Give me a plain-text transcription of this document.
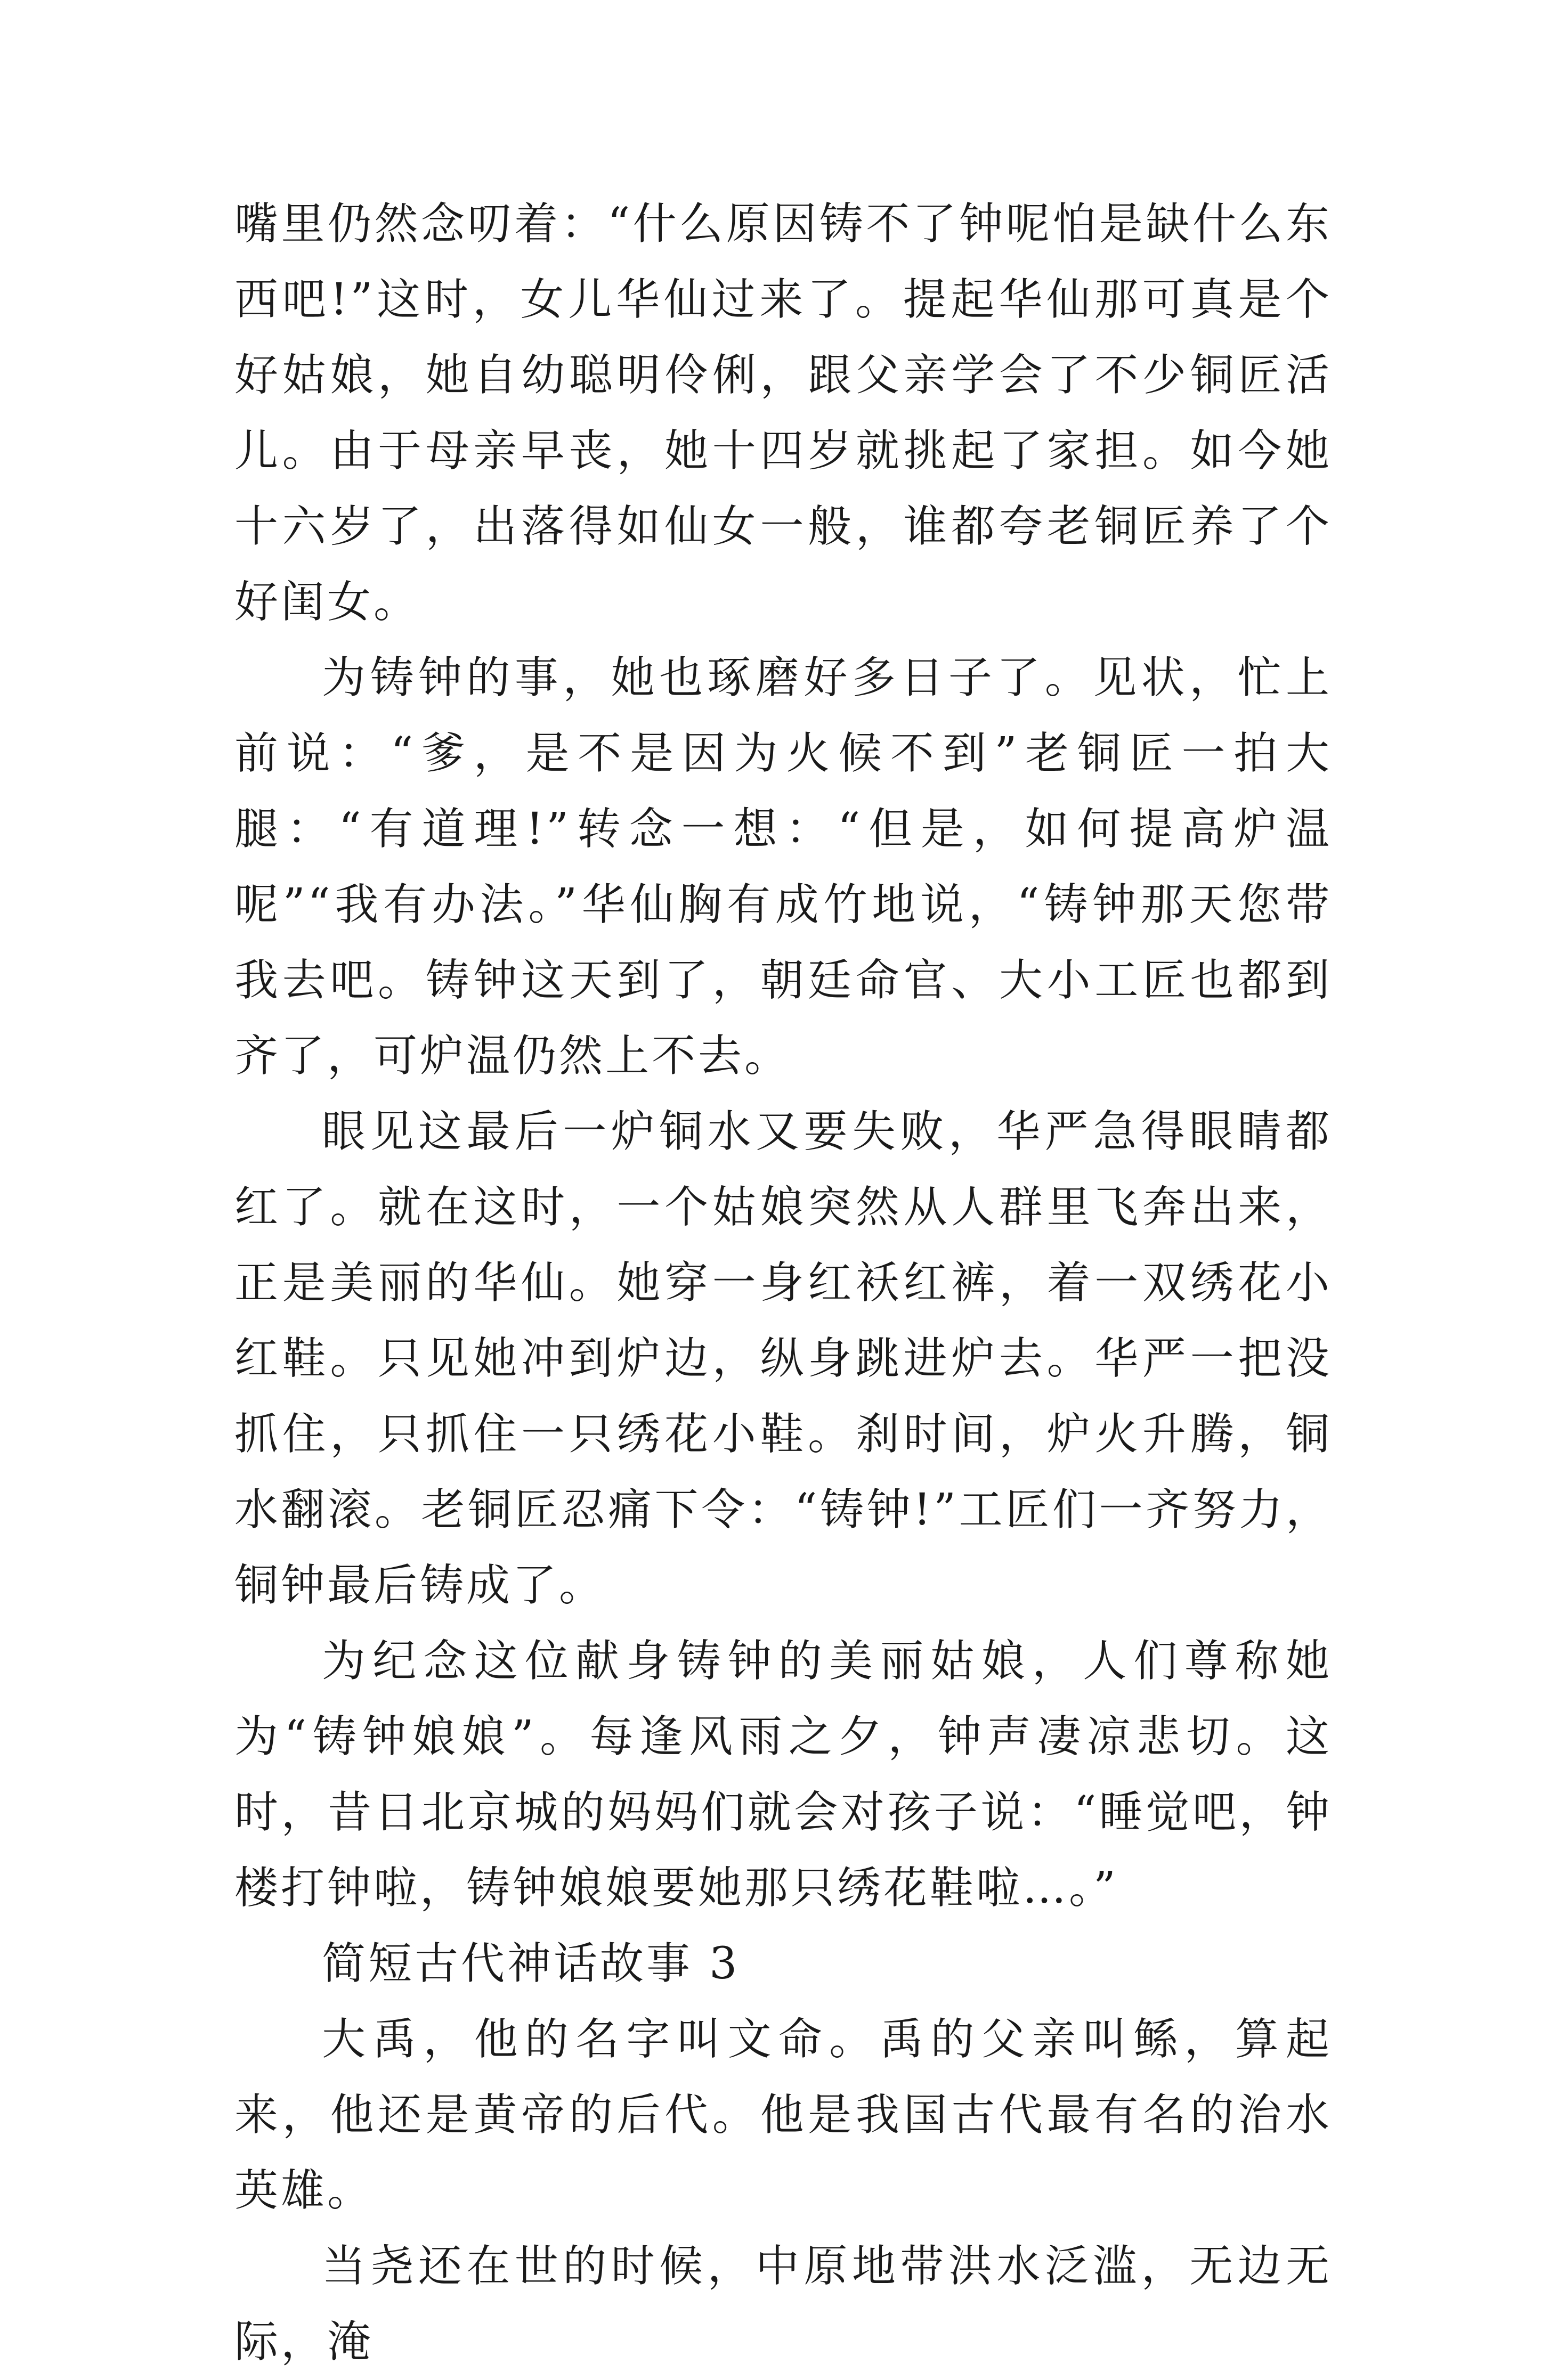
嘴里仍然念叨着：“什么原因铸不了钟呢怕是缺什么东西吧!”这时，女儿华仙过来了。提起华仙那可真是个好姑娘，她自幼聪明伶俐，跟父亲学会了不少铜匠活儿。由于母亲早丧，她十四岁就挑起了家担。如今她十六岁了，出落得如仙女一般，谁都夸老铜匠养了个好闺女。

为铸钟的事，她也琢磨好多日子了。见状，忙上前说：“爹，是不是因为火候不到”老铜匠一拍大腿：“有道理!”转念一想：“但是，如何提高炉温呢”“我有办法。”华仙胸有成竹地说，“铸钟那天您带我去吧。铸钟这天到了，朝廷命官、大小工匠也都到齐了，可炉温仍然上不去。

眼见这最后一炉铜水又要失败，华严急得眼睛都红了。就在这时，一个姑娘突然从人群里飞奔出来，正是美丽的华仙。她穿一身红袄红裤，着一双绣花小红鞋。只见她冲到炉边，纵身跳进炉去。华严一把没抓住，只抓住一只绣花小鞋。刹时间，炉火升腾，铜水翻滚。老铜匠忍痛下令：“铸钟!”工匠们一齐努力，铜钟最后铸成了。

为纪念这位献身铸钟的美丽姑娘，人们尊称她为“铸钟娘娘”。每逢风雨之夕，钟声凄凉悲切。这时，昔日北京城的妈妈们就会对孩子说：“睡觉吧，钟楼打钟啦，铸钟娘娘要她那只绣花鞋啦…。”

简短古代神话故事 3

大禹，他的名字叫文命。禹的父亲叫鲧，算起来，他还是黄帝的后代。他是我国古代最有名的治水英雄。

当尧还在世的时候，中原地带洪水泛滥，无边无际，淹
